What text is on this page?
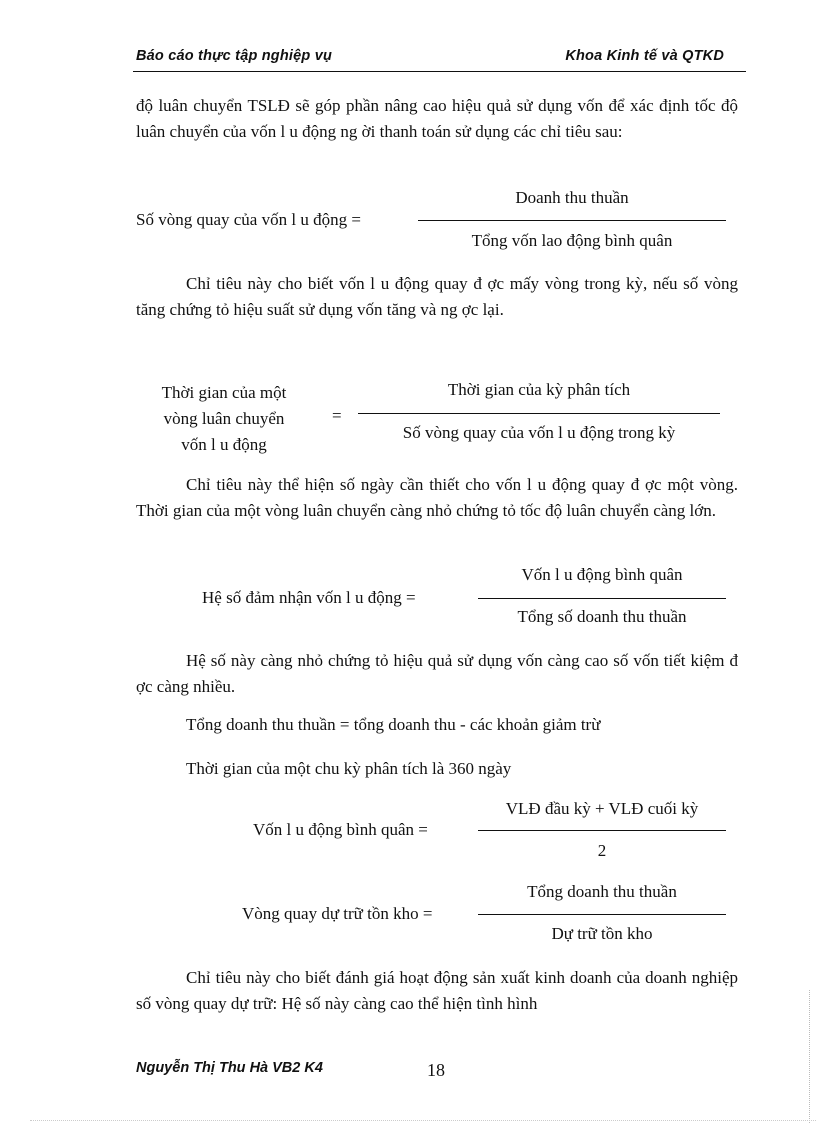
Báo cáo thực tập nghiệp vụ	Khoa Kinh tế và QTKD
độ luân chuyển TSLĐ sẽ góp phần nâng cao hiệu quả sử dụng vốn để xác định tốc độ luân chuyển của vốn l u động ng ời thanh toán sử dụng các chỉ tiêu sau:
Số vòng quay của vốn l u động =
Doanh thu thuần
Tổng vốn lao động bình quân
Chỉ tiêu này cho biết vốn l u động quay đ ợc mấy vòng trong kỳ, nếu số vòng tăng chứng tỏ hiệu suất sử dụng vốn tăng và ng ợc lại.
Thời gian của một
vòng luân chuyển
vốn l u động
=
Thời gian của kỳ phân tích
Số vòng quay của vốn l u động trong kỳ
Chỉ tiêu này thể hiện số ngày cần thiết cho vốn l u động quay đ ợc một vòng. Thời gian của một vòng luân chuyển càng nhỏ chứng tỏ tốc độ luân chuyển càng lớn.
Hệ số đảm nhận vốn l u động =
Vốn l u động bình quân
Tổng số doanh thu thuần
Hệ số này càng nhỏ chứng tỏ hiệu quả sử dụng vốn càng cao số vốn tiết kiệm đ ợc càng nhiều.
Tổng doanh thu thuần = tổng doanh thu - các khoản giảm trừ
Thời gian của một chu kỳ phân tích là 360 ngày
Vốn l u động bình quân =
VLĐ đầu kỳ + VLĐ cuối kỳ
2
Vòng quay dự trữ tồn kho =
Tổng doanh thu thuần
Dự trữ tồn kho
Chỉ tiêu này cho biết đánh giá hoạt động sản xuất kinh doanh của doanh nghiệp số vòng quay dự trữ: Hệ số này càng cao thể hiện tình hình
Nguyễn Thị Thu Hà VB2 K4	18
